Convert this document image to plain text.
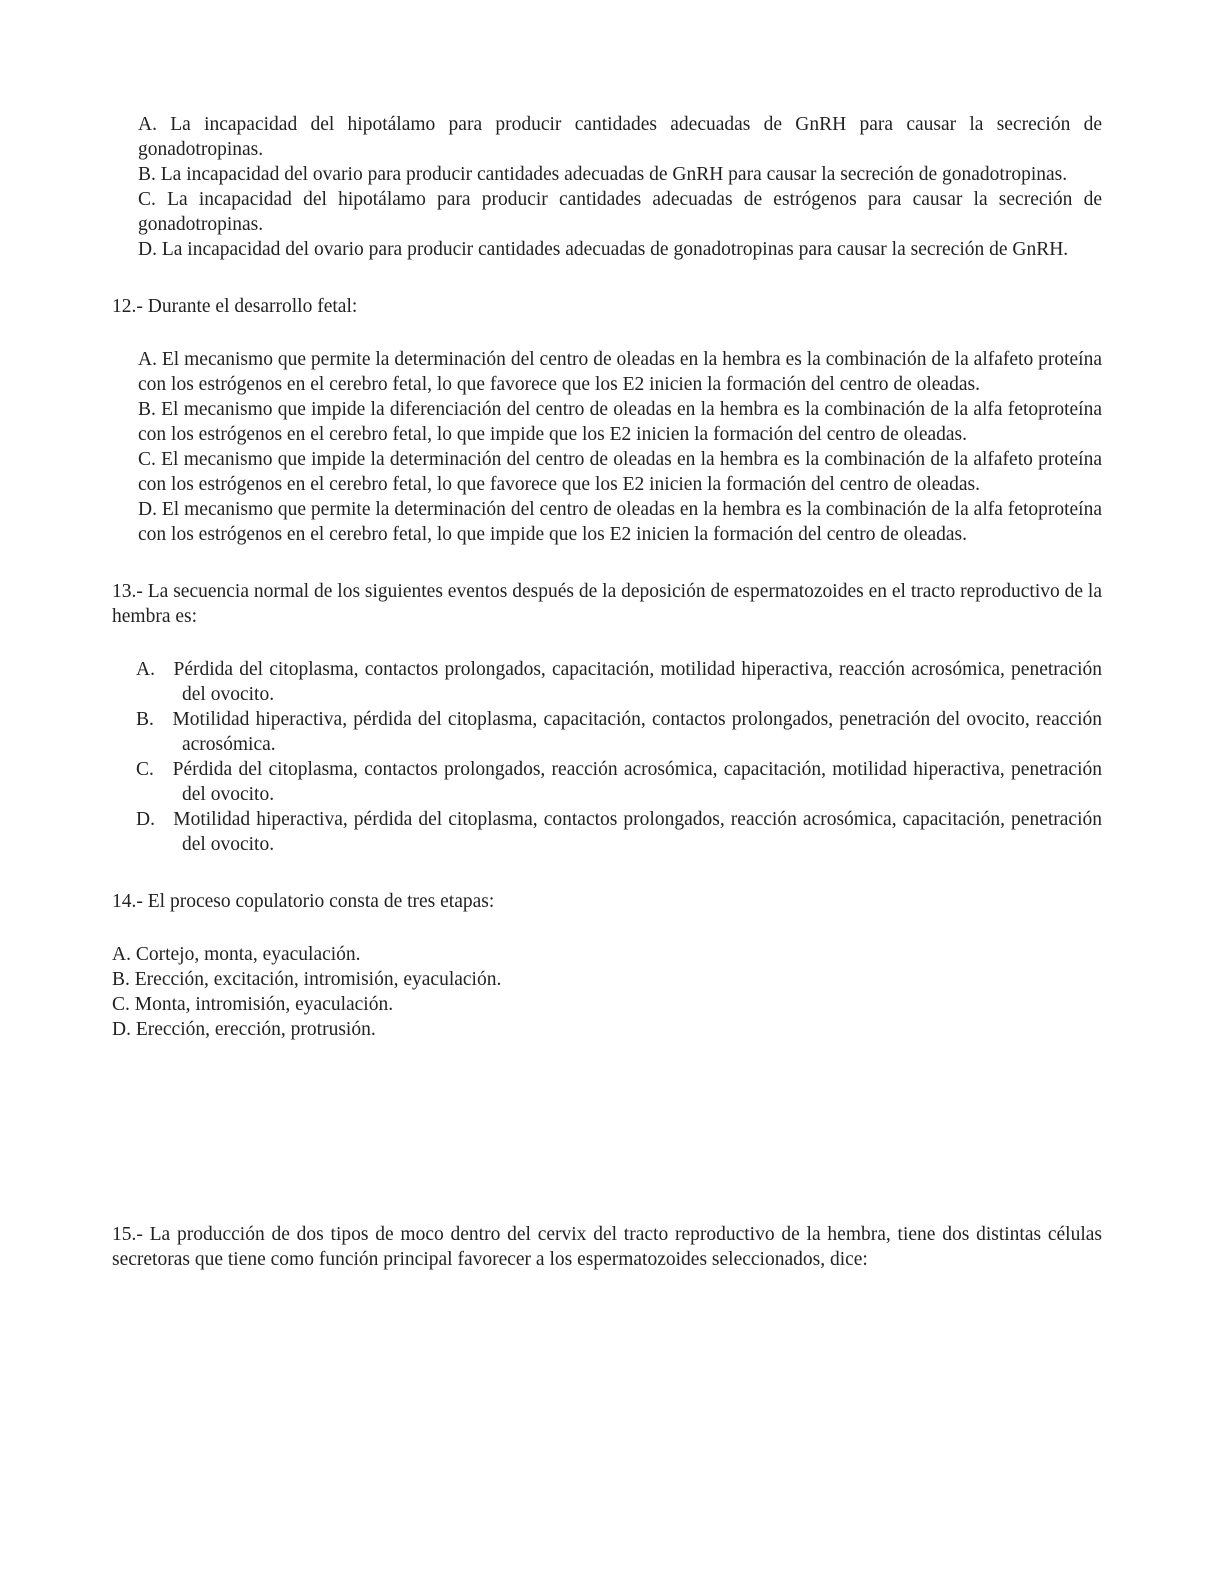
A. La incapacidad del hipotálamo para producir cantidades adecuadas de GnRH para causar la secreción de gonadotropinas.
B. La incapacidad del ovario para producir cantidades adecuadas de GnRH para causar la secreción de gonadotropinas.
C. La incapacidad del hipotálamo para producir cantidades adecuadas de estrógenos para causar la secreción de gonadotropinas.
D. La incapacidad del ovario para producir cantidades adecuadas de gonadotropinas para causar la secreción de GnRH.

12.- Durante el desarrollo fetal:

A. El mecanismo que permite la determinación del centro de oleadas en la hembra es la combinación de la alfafeto proteína con los estrógenos en el cerebro fetal, lo que favorece que los E2 inicien la formación del centro de oleadas.
B. El mecanismo que impide la diferenciación del centro de oleadas en la hembra es la combinación de la alfa fetoproteína con los estrógenos en el cerebro fetal, lo que impide que los E2 inicien la formación del centro de oleadas.
C. El mecanismo que impide la determinación del centro de oleadas en la hembra es la combinación de la alfafeto proteína con los estrógenos en el cerebro fetal, lo que favorece que los E2 inicien la formación del centro de oleadas.
D. El mecanismo que permite la determinación del centro de oleadas en la hembra es la combinación de la alfa fetoproteína con los estrógenos en el cerebro fetal, lo que impide que los E2 inicien la formación del centro de oleadas.

13.- La secuencia normal de los siguientes eventos después de la deposición de espermatozoides en el tracto reproductivo de la hembra es:

A. Pérdida del citoplasma, contactos prolongados, capacitación, motilidad hiperactiva, reacción acrosómica, penetración del ovocito.
B. Motilidad hiperactiva, pérdida del citoplasma, capacitación, contactos prolongados, penetración del ovocito, reacción acrosómica.
C. Pérdida del citoplasma, contactos prolongados, reacción acrosómica, capacitación, motilidad hiperactiva, penetración del ovocito.
D. Motilidad hiperactiva, pérdida del citoplasma, contactos prolongados, reacción acrosómica, capacitación, penetración del ovocito.

14.- El proceso copulatorio consta de tres etapas:

A. Cortejo, monta, eyaculación.
B. Erección, excitación, intromisión, eyaculación.
C. Monta, intromisión, eyaculación.
D. Erección, erección, protrusión.

15.- La producción de dos tipos de moco dentro del cervix del tracto reproductivo de la hembra, tiene dos distintas células secretoras que tiene como función principal favorecer a los espermatozoides seleccionados, dice:
